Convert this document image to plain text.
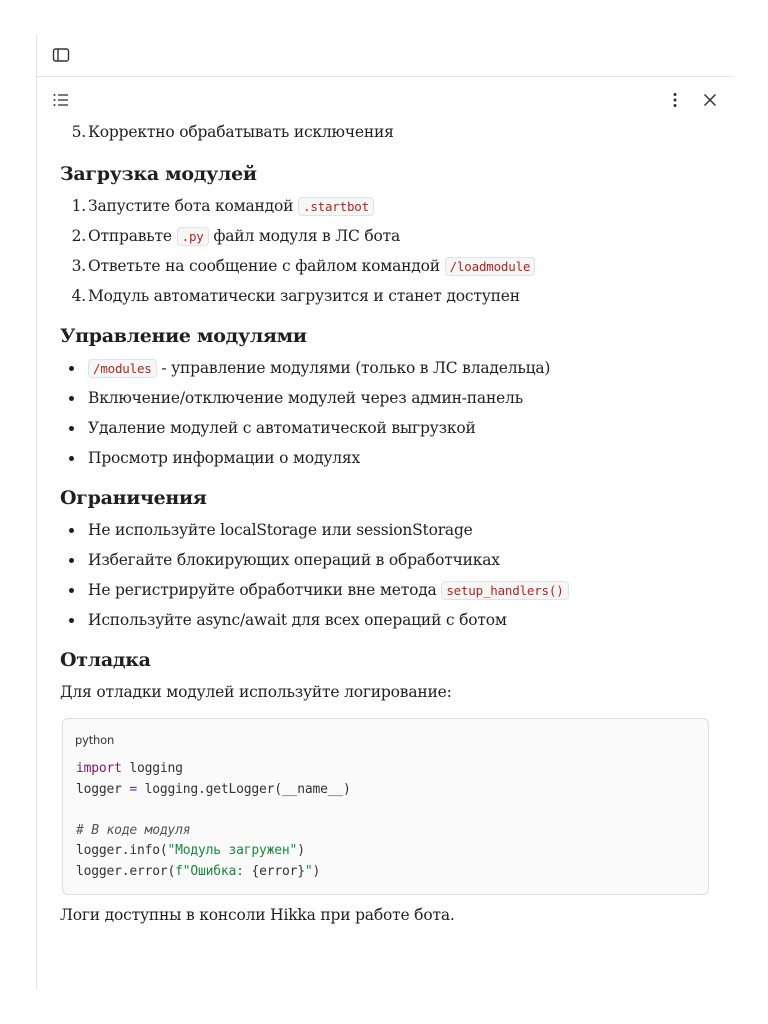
5. Корректно обрабатывать исключения
Загрузка модулей
1. Запустите бота командой .startbot
2. Отправьте .py файл модуля в ЛС бота
3. Ответьте на сообщение с файлом командой /loadmodule
4. Модуль автоматически загрузится и станет доступен
Управление модулями
/modules - управление модулями (только в ЛС владельца)
Включение/отключение модулей через админ-панель
Удаление модулей с автоматической выгрузкой
Просмотр информации о модулях
Ограничения
Не используйте localStorage или sessionStorage
Избегайте блокирующих операций в обработчиках
Не регистрируйте обработчики вне метода setup_handlers()
Используйте async/await для всех операций с ботом
Отладка

Для отладки модулей используйте логирование:

python
import logging
logger = logging.getLogger(__name__)

# В коде модуля
logger.info("Модуль загружен")
logger.error(f"Ошибка: {error}")

Логи доступны в консоли Hikka при работе бота.
